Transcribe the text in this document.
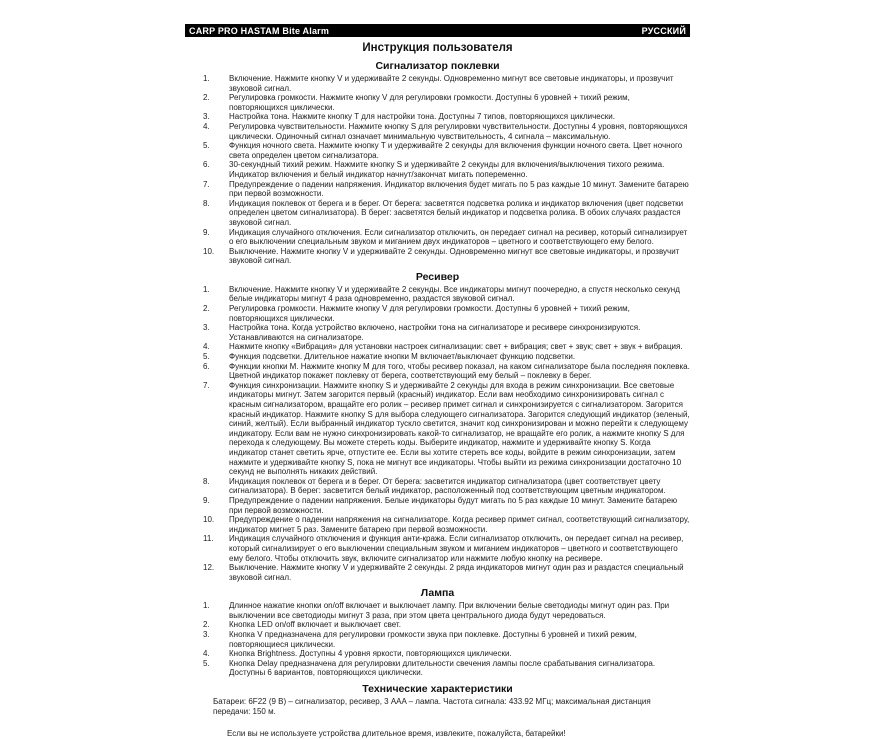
CARP PRO HASTAM Bite Alarm	РУССКИЙ
Инструкция пользователя
Сигнализатор поклевки
Включение. Нажмите кнопку V и удерживайте 2 секунды. Одновременно мигнут все световые индикаторы, и прозвучит звуковой сигнал.
Регулировка громкости. Нажмите кнопку V для регулировки громкости. Доступны 6 уровней + тихий режим, повторяющихся циклически.
Настройка тона. Нажмите кнопку T для настройки тона. Доступны 7 типов, повторяющихся циклически.
Регулировка чувствительности. Нажмите кнопку S для регулировки чувствительности. Доступны 4 уровня, повторяющихся циклически. Одиночный сигнал означает минимальную чувствительность, 4 сигнала – максимальную.
Функция ночного света. Нажмите кнопку T и удерживайте 2 секунды для включения функции ночного света. Цвет ночного света определен цветом сигнализатора.
30-секундный тихий режим. Нажмите кнопку S и удерживайте 2 секунды для включения/выключения тихого режима. Индикатор включения и белый индикатор начнут/закончат мигать попеременно.
Предупреждение о падении напряжения. Индикатор включения будет мигать по 5 раз каждые 10 минут. Замените батарею при первой возможности.
Индикация поклевок от берега и в берег. От берега: засветятся подсветка ролика и индикатор включения (цвет подсветки определен цветом сигнализатора). В берег: засветятся белый индикатор и подсветка ролика. В обоих случаях раздастся звуковой сигнал.
Индикация случайного отключения. Если сигнализатор отключить, он передает сигнал на ресивер, который сигнализирует о его выключении специальным звуком и миганием двух индикаторов – цветного и соответствующего ему белого.
Выключение. Нажмите кнопку V и удерживайте 2 секунды. Одновременно мигнут все световые индикаторы, и прозвучит звуковой сигнал.
Ресивер
Включение. Нажмите кнопку V и удерживайте 2 секунды. Все индикаторы мигнут поочередно, а спустя несколько секунд белые индикаторы мигнут 4 раза одновременно, раздастся звуковой сигнал.
Регулировка громкости. Нажмите кнопку V для регулировки громкости. Доступны 6 уровней + тихий режим, повторяющихся циклически.
Настройка тона. Когда устройство включено, настройки тона на сигнализаторе и ресивере синхронизируются. Устанавливаются на сигнализаторе.
Нажмите кнопку «Вибрация» для установки настроек сигнализации: свет + вибрация; свет + звук; свет + звук + вибрация.
Функция подсветки. Длительное нажатие кнопки M включает/выключает функцию подсветки.
Функции кнопки M. Нажмите кнопку M для того, чтобы ресивер показал, на каком сигнализаторе была последняя поклевка. Цветной индикатор покажет поклевку от берега, соответствующий ему белый – поклевку в берег.
Функция синхронизации. Нажмите кнопку S и удерживайте 2 секунды для входа в режим синхронизации. Все световые индикаторы мигнут. Затем загорится первый (красный) индикатор. Если вам необходимо синхронизировать сигнал с красным сигнализатором, вращайте его ролик – ресивер примет сигнал и синхронизируется с сигнализатором. Загорится красный индикатор. Нажмите кнопку S для выбора следующего сигнализатора. Загорится следующий индикатор (зеленый, синий, желтый). Если выбранный индикатор тускло светится, значит код синхронизирован и можно перейти к следующему индикатору. Если вам не нужно синхронизировать какой-то сигнализатор, не вращайте его ролик, а нажмите кнопку S для перехода к следующему. Вы можете стереть коды. Выберите индикатор, нажмите и удерживайте кнопку S. Когда индикатор станет светить ярче, отпустите ее. Если вы хотите стереть все коды, войдите в режим синхронизации, затем нажмите и удерживайте кнопку S, пока не мигнут все индикаторы. Чтобы выйти из режима синхронизации достаточно 10 секунд не выполнять никаких действий.
Индикация поклевок от берега и в берег. От берега: засветится индикатор сигнализатора (цвет соответствует цвету сигнализатора). В берег: засветится белый индикатор, расположенный под соответствующим цветным индикатором.
Предупреждение о падении напряжения. Белые индикаторы будут мигать по 5 раз каждые 10 минут. Замените батарею при первой возможности.
Предупреждение о падении напряжения на сигнализаторе. Когда ресивер примет сигнал, соответствующий сигнализатору, индикатор мигнет 5 раз. Замените батарею при первой возможности.
Индикация случайного отключения и функция анти-кража. Если сигнализатор отключить, он передает сигнал на ресивер, который сигнализирует о его выключении специальным звуком и миганием индикаторов – цветного и соответствующего ему белого. Чтобы отключить звук, включите сигнализатор или нажмите любую кнопку на ресивере.
Выключение. Нажмите кнопку V и удерживайте 2 секунды. 2 ряда индикаторов мигнут один раз и раздастся специальный звуковой сигнал.
Лампа
Длинное нажатие кнопки on/off включает и выключает лампу. При включении белые светодиоды мигнут один раз. При выключении все светодиоды мигнут 3 раза, при этом цвета центрального диода будут чередоваться.
Кнопка LED on/off включает и выключает свет.
Кнопка V предназначена для регулировки громкости звука при поклевке. Доступны 6 уровней и тихий режим, повторяющиеся циклически.
Кнопка Brightness. Доступны 4 уровня яркости, повторяющихся циклически.
Кнопка Delay предназначена для регулировки длительности свечения лампы после срабатывания сигнализатора. Доступны 6 вариантов, повторяющихся циклически.
Технические характеристики

Батареи: 6F22 (9 В) – сигнализатор, ресивер, 3 AAA – лампа. Частота сигнала: 433.92 МГц; максимальная дистанция передачи: 150 м.

Если вы не используете устройства длительное время, извлеките, пожалуйста, батарейки!
